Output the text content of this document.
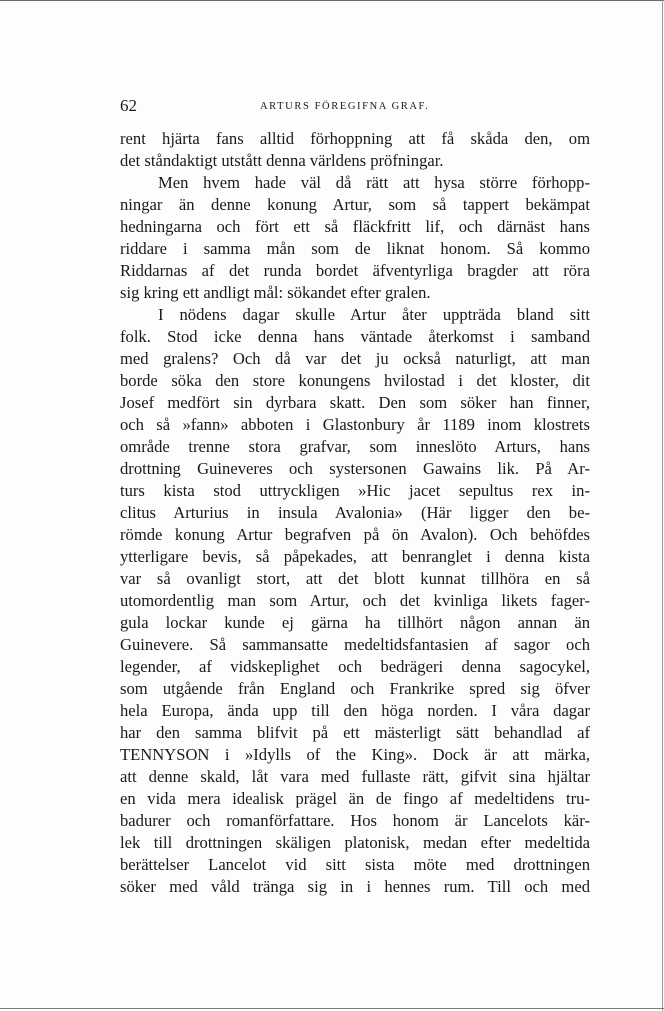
62	ARTURS FÖREGIFNA GRAF.
rent hjärta fans alltid förhoppning att få skåda den, om
det ståndaktigt utstått denna världens pröfningar.
Men hvem hade väl då rätt att hysa större förhopp-
ningar än denne konung Artur, som så tappert bekämpat
hedningarna och fört ett så fläckfritt lif, och därnäst hans
riddare i samma mån som de liknat honom. Så kommo
Riddarnas af det runda bordet äfventyrliga bragder att röra
sig kring ett andligt mål: sökandet efter gralen.
I nödens dagar skulle Artur åter uppträda bland sitt
folk. Stod icke denna hans väntade återkomst i samband
med gralens? Och då var det ju också naturligt, att man
borde söka den store konungens hvilostad i det kloster, dit
Josef medfört sin dyrbara skatt. Den som söker han finner,
och så »fann» abboten i Glastonbury år 1189 inom klostrets
område trenne stora grafvar, som inneslöto Arturs, hans
drottning Guineveres och systersonen Gawains lik. På Ar-
turs kista stod uttryckligen »Hic jacet sepultus rex in-
clitus Arturius in insula Avalonia» (Här ligger den be-
römde konung Artur begrafven på ön Avalon). Och behöfdes
ytterligare bevis, så påpekades, att benranglet i denna kista
var så ovanligt stort, att det blott kunnat tillhöra en så
utomordentlig man som Artur, och det kvinliga likets fager-
gula lockar kunde ej gärna ha tillhört någon annan än
Guinevere. Så sammansatte medeltidsfantasien af sagor och
legender, af vidskeplighet och bedrägeri denna sagocykel,
som utgående från England och Frankrike spred sig öfver
hela Europa, ända upp till den höga norden. I våra dagar
har den samma blifvit på ett mästerligt sätt behandlad af
TENNYSON i »Idylls of the King». Dock är att märka,
att denne skald, låt vara med fullaste rätt, gifvit sina hjältar
en vida mera idealisk prägel än de fingo af medeltidens tru-
badurer och romanförfattare. Hos honom är Lancelots kär-
lek till drottningen skäligen platonisk, medan efter medeltida
berättelser Lancelot vid sitt sista möte med drottningen
söker med våld tränga sig in i hennes rum. Till och med
